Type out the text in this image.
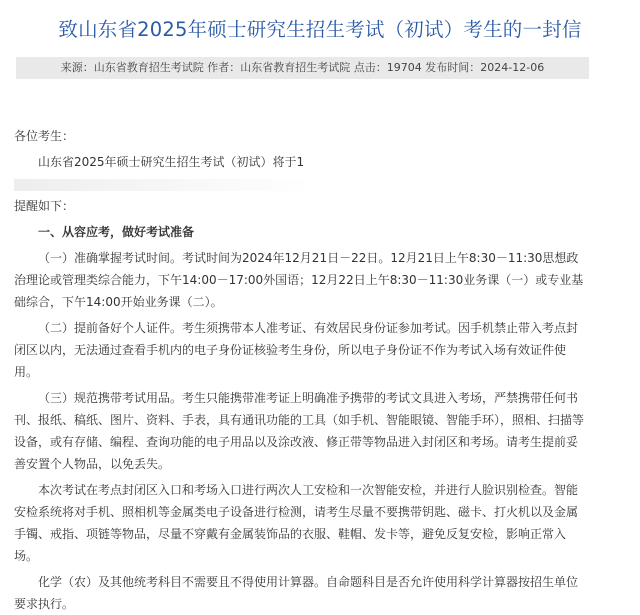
致山东省2025年硕士研究生招生考试（初试）考生的一封信
来源：山东省教育招生考试院 作者：山东省教育招生考试院 点击：19704 发布时间：2024-12-06

各位考生：

山东省2025年硕士研究生招生考试（初试）将于1

提醒如下：

一、从容应考，做好考试准备

（一）准确掌握考试时间。考试时间为2024年12月21日－22日。12月21日上午8:30－11:30思想政治理论或管理类综合能力，下午14:00－17:00外国语；12月22日上午8:30－11:30业务课（一）或专业基础综合，下午14:00开始业务课（二）。

（二）提前备好个人证件。考生须携带本人准考证、有效居民身份证参加考试。因手机禁止带入考点封闭区以内，无法通过查看手机内的电子身份证核验考生身份，所以电子身份证不作为考试入场有效证件使用。

（三）规范携带考试用品。考生只能携带准考证上明确准予携带的考试文具进入考场，严禁携带任何书刊、报纸、稿纸、图片、资料、手表，具有通讯功能的工具（如手机、智能眼镜、智能手环），照相、扫描等设备，或有存储、编程、查询功能的电子用品以及涂改液、修正带等物品进入封闭区和考场。请考生提前妥善安置个人物品，以免丢失。

本次考试在考点封闭区入口和考场入口进行两次人工安检和一次智能安检，并进行人脸识别检查。智能安检系统将对手机、照相机等金属类电子设备进行检测，请考生尽量不要携带钥匙、磁卡、打火机以及金属手镯、戒指、项链等物品，尽量不穿戴有金属装饰品的衣服、鞋帽、发卡等，避免反复安检，影响正常入场。

化学（农）及其他统考科目不需要且不得使用计算器。自命题科目是否允许使用科学计算器按招生单位要求执行。
